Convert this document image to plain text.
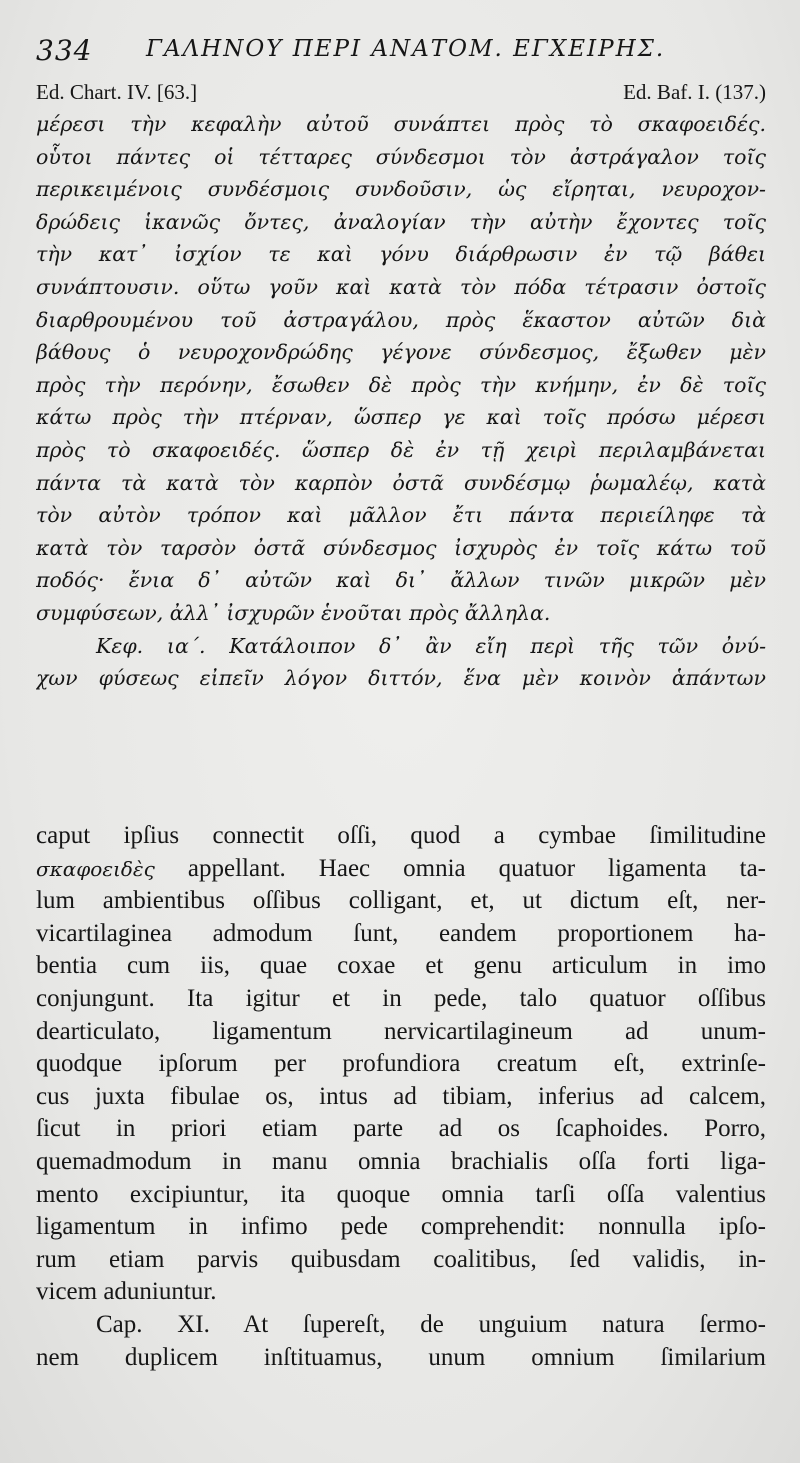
334 ΓΑΛΗΝΟΥ ΠΕΡΙ ΑΝΑΤΟΜ. ΕΓΧΕΙΡΗΣ.
Ed. Chart. IV. [63.]	Ed. Baf. I. (137.)
μέρεσι τὴν κεφαλὴν αὐτοῦ συνάπτει πρὸς τὸ σκαφοειδές.
οὗτοι πάντες οἱ τέτταρες σύνδεσμοι τὸν ἀστράγαλον τοῖς
περικειμένοις συνδέσμοις συνδοῦσιν, ὡς εἴρηται, νευροχον-
δρώδεις ἱκανῶς ὄντες, ἀναλογίαν τὴν αὐτὴν ἔχοντες τοῖς
τὴν κατ᾿ ἰσχίον τε καὶ γόνυ διάρθρωσιν ἐν τῷ βάθει
συνάπτουσιν. οὕτω γοῦν καὶ κατὰ τὸν πόδα τέτρασιν ὀστοῖς
διαρθρουμένου τοῦ ἀστραγάλου, πρὸς ἕκαστον αὐτῶν διὰ
βάθους ὁ νευροχονδρώδης γέγονε σύνδεσμος, ἔξωθεν μὲν
πρὸς τὴν περόνην, ἔσωθεν δὲ πρὸς τὴν κνήμην, ἐν δὲ τοῖς
κάτω πρὸς τὴν πτέρναν, ὥσπερ γε καὶ τοῖς πρόσω μέρεσι
πρὸς τὸ σκαφοειδές. ὥσπερ δὲ ἐν τῇ χειρὶ περιλαμβάνεται
πάντα τὰ κατὰ τὸν καρπὸν ὀστᾶ συνδέσμῳ ῥωμαλέῳ, κατὰ
τὸν αὐτὸν τρόπον καὶ μᾶλλον ἔτι πάντα περιείληφε τὰ
κατὰ τὸν ταρσὸν ὀστᾶ σύνδεσμος ἰσχυρὸς ἐν τοῖς κάτω τοῦ
ποδός· ἔνια δ᾿ αὐτῶν καὶ δι᾿ ἄλλων τινῶν μικρῶν μὲν
συμφύσεων, ἀλλ᾿ ἰσχυρῶν ἑνοῦται πρὸς ἄλληλα.
Κεφ. ια΄. Κατάλοιπον δ᾿ ἂν εἴη περὶ τῆς τῶν ὀνύ-
χων φύσεως εἰπεῖν λόγον διττόν, ἕνα μὲν κοινὸν ἁπάντων
caput ipſius connectit oſſi, quod a cymbae ſimilitudine
σκαφοειδὲς appellant. Haec omnia quatuor ligamenta ta-
lum ambientibus oſſibus colligant, et, ut dictum eſt, ner-
vicartilaginea admodum ſunt, eandem proportionem ha-
bentia cum iis, quae coxae et genu articulum in imo
conjungunt. Ita igitur et in pede, talo quatuor oſſibus
dearticulato, ligamentum nervicartilagineum ad unum-
quodque ipſorum per profundiora creatum eſt, extrinſe-
cus juxta fibulae os, intus ad tibiam, inferius ad calcem,
ſicut in priori etiam parte ad os ſcaphoides. Porro,
quemadmodum in manu omnia brachialis oſſa forti liga-
mento excipiuntur, ita quoque omnia tarſi oſſa valentius
ligamentum in infimo pede comprehendit: nonnulla ipſo-
rum etiam parvis quibusdam coalitibus, ſed validis, in-
vicem aduniuntur.
Cap. XI. At ſupereſt, de unguium natura ſermo-
nem duplicem inſtituamus, unum omnium ſimilarium
